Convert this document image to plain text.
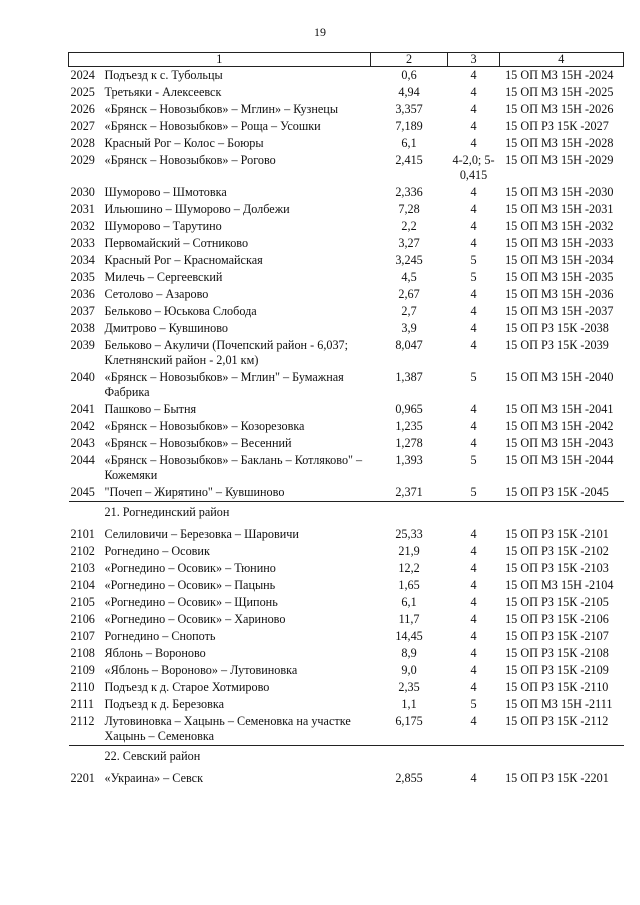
19
1	2	3	4

2024 Подъезд к с. Тубольцы	0,6	4	15 ОП МЗ 15Н -2024

2025 Третьяки - Алексеевск	4,94	4	15 ОП МЗ 15Н -2025

2026 «Брянск – Новозыбков» – Мглин» – Кузнецы	3,357	4	15 ОП МЗ 15Н -2026

2027 «Брянск – Новозыбков» – Роща – Усошки	7,189	4	15 ОП РЗ 15К -2027

2028 Красный Рог – Колос – Боюры	6,1	4	15 ОП МЗ 15Н -2028

2029 «Брянск – Новозыбков» – Рогово	2,415	4-2,0; 5-0,415	15 ОП МЗ 15Н -2029

2030 Шуморово – Шмотовка	2,336	4	15 ОП МЗ 15Н -2030

2031 Ильюшино – Шуморово – Долбежи	7,28	4	15 ОП МЗ 15Н -2031

2032 Шуморово – Тарутино	2,2	4	15 ОП МЗ 15Н -2032

2033 Первомайский – Сотниково	3,27	4	15 ОП МЗ 15Н -2033

2034 Красный Рог – Красномайская	3,245	5	15 ОП МЗ 15Н -2034

2035 Милечь – Сергеевский	4,5	5	15 ОП МЗ 15Н -2035

2036 Сетолово – Азарово	2,67	4	15 ОП МЗ 15Н -2036

2037 Бельково – Юськова Слобода	2,7	4	15 ОП МЗ 15Н -2037

2038 Дмитрово – Кувшиново	3,9	4	15 ОП РЗ 15К -2038

2039 Бельково – Акуличи (Почепский район - 6,037; Клетнянский район - 2,01 км)	8,047	4	15 ОП РЗ 15К -2039

2040 «Брянск – Новозыбков» – Мглин" – Бумажная Фабрика	1,387	5	15 ОП МЗ 15Н -2040

2041 Пашково – Бытня	0,965	4	15 ОП МЗ 15Н -2041

2042 «Брянск – Новозыбков» – Козорезовка	1,235	4	15 ОП МЗ 15Н -2042

2043 «Брянск – Новозыбков» – Весенний	1,278	4	15 ОП МЗ 15Н -2043

2044 «Брянск – Новозыбков» – Баклань – Котляково" – Кожемяки	1,393	5	15 ОП МЗ 15Н -2044

2045 "Почеп – Жирятино" – Кувшиново	2,371	5	15 ОП РЗ 15К -2045
21. Рогнединский район			

2101 Селиловичи – Березовка – Шаровичи	25,33	4	15 ОП РЗ 15К -2101

2102 Рогнедино – Осовик	21,9	4	15 ОП РЗ 15К -2102

2103 «Рогнедино – Осовик» – Тюнино	12,2	4	15 ОП РЗ 15К -2103

2104 «Рогнедино – Осовик» – Пацынь	1,65	4	15 ОП МЗ 15Н -2104

2105 «Рогнедино – Осовик» – Щипонь	6,1	4	15 ОП РЗ 15К -2105

2106 «Рогнедино – Осовик» – Хариново	11,7	4	15 ОП РЗ 15К -2106

2107 Рогнедино – Снопоть	14,45	4	15 ОП РЗ 15К -2107

2108 Яблонь – Вороново	8,9	4	15 ОП РЗ 15К -2108

2109 «Яблонь – Вороново» – Лутовиновка	9,0	4	15 ОП РЗ 15К -2109

2110 Подъезд к д. Старое Хотмирово	2,35	4	15 ОП РЗ 15К -2110

2111 Подъезд к д. Березовка	1,1	5	15 ОП МЗ 15Н -2111

2112 Лутовиновка – Хацынь – Семеновка на участке Хацынь – Семеновка	6,175	4	15 ОП РЗ 15К -2112
22. Севский район			

2201 «Украина» – Севск	2,855	4	15 ОП РЗ 15К -2201
